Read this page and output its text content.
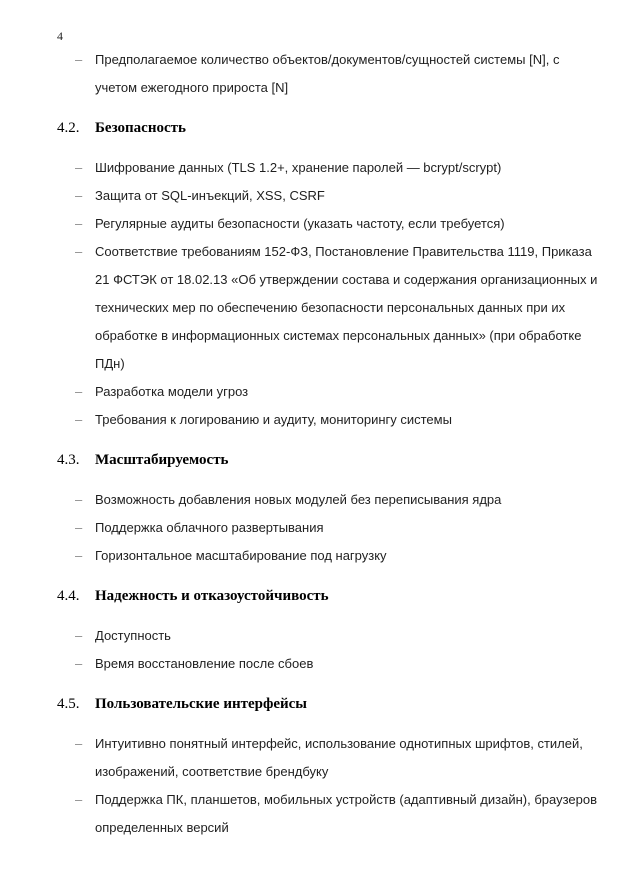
4
– Предполагаемое количество объектов/документов/сущностей системы [N], с учетом ежегодного прироста [N]
4.2.	Безопасность
– Шифрование данных (TLS 1.2+, хранение паролей — bcrypt/scrypt)
– Защита от SQL-инъекций, XSS, CSRF
– Регулярные аудиты безопасности (указать частоту, если требуется)
– Соответствие требованиям 152-ФЗ, Постановление Правительства 1119, Приказа 21 ФСТЭК от 18.02.13 «Об утверждении состава и содержания организационных и технических мер по обеспечению безопасности персональных данных при их обработке в информационных системах персональных данных» (при обработке ПДн)
– Разработка модели угроз
– Требования к логированию и аудиту, мониторингу системы
4.3.	Масштабируемость
– Возможность добавления новых модулей без переписывания ядра
– Поддержка облачного развертывания
– Горизонтальное масштабирование под нагрузку
4.4.	Надежность и отказоустойчивость
– Доступность
– Время восстановление после сбоев
4.5.	Пользовательские интерфейсы
– Интуитивно понятный интерфейс, использование однотипных шрифтов, стилей, изображений, соответствие брендбуку
– Поддержка ПК, планшетов, мобильных устройств (адаптивный дизайн), браузеров определенных версий
